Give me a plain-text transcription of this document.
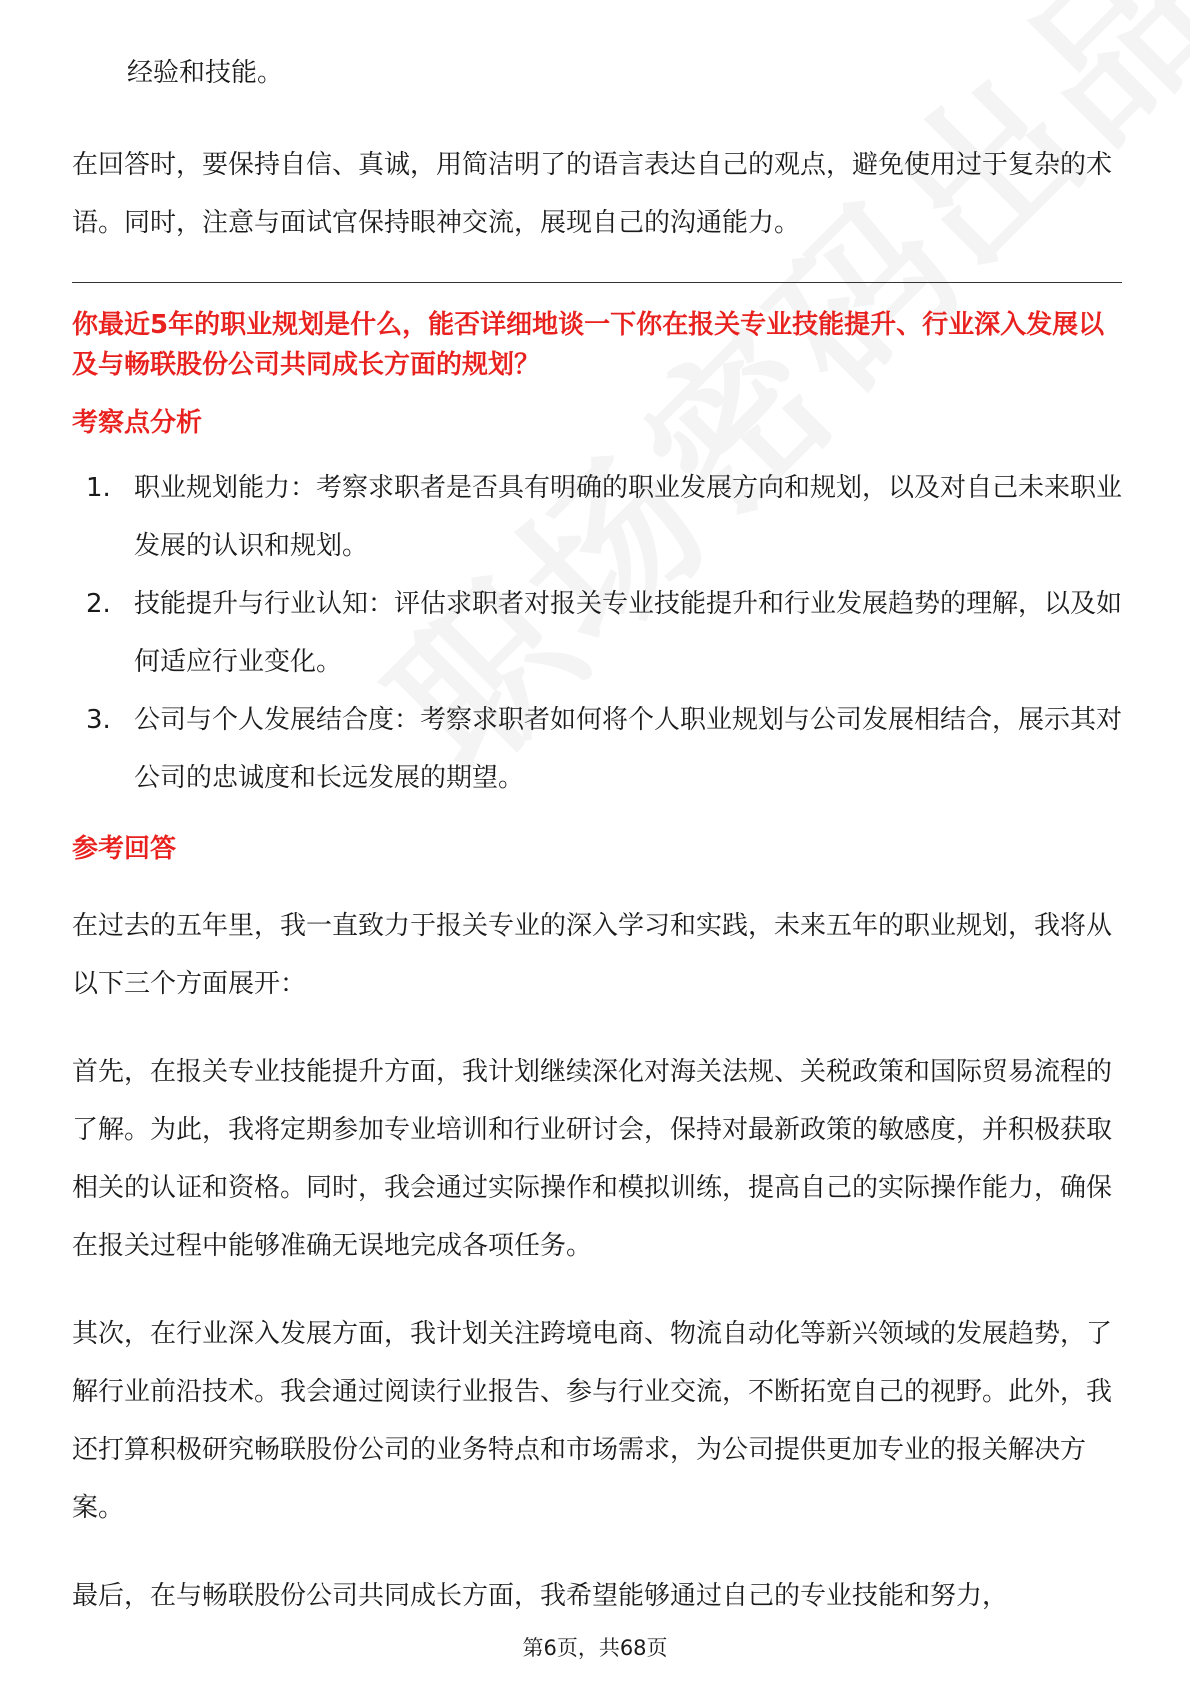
经验和技能。

在回答时，要保持自信、真诚，用简洁明了的语言表达自己的观点，避免使用过于复杂的术语。同时，注意与面试官保持眼神交流，展现自己的沟通能力。

你最近5年的职业规划是什么，能否详细地谈一下你在报关专业技能提升、行业深入发展以及与畅联股份公司共同成长方面的规划？

考察点分析
1. 职业规划能力：考察求职者是否具有明确的职业发展方向和规划，以及对自己未来职业发展的认识和规划。
2. 技能提升与行业认知：评估求职者对报关专业技能提升和行业发展趋势的理解，以及如何适应行业变化。
3. 公司与个人发展结合度：考察求职者如何将个人职业规划与公司发展相结合，展示其对公司的忠诚度和长远发展的期望。
参考回答

在过去的五年里，我一直致力于报关专业的深入学习和实践，未来五年的职业规划，我将从以下三个方面展开：

首先，在报关专业技能提升方面，我计划继续深化对海关法规、关税政策和国际贸易流程的了解。为此，我将定期参加专业培训和行业研讨会，保持对最新政策的敏感度，并积极获取相关的认证和资格。同时，我会通过实际操作和模拟训练，提高自己的实际操作能力，确保在报关过程中能够准确无误地完成各项任务。

其次，在行业深入发展方面，我计划关注跨境电商、物流自动化等新兴领域的发展趋势，了解行业前沿技术。我会通过阅读行业报告、参与行业交流，不断拓宽自己的视野。此外，我还打算积极研究畅联股份公司的业务特点和市场需求，为公司提供更加专业的报关解决方案。

最后，在与畅联股份公司共同成长方面，我希望能够通过自己的专业技能和努力，

第6页，共68页
